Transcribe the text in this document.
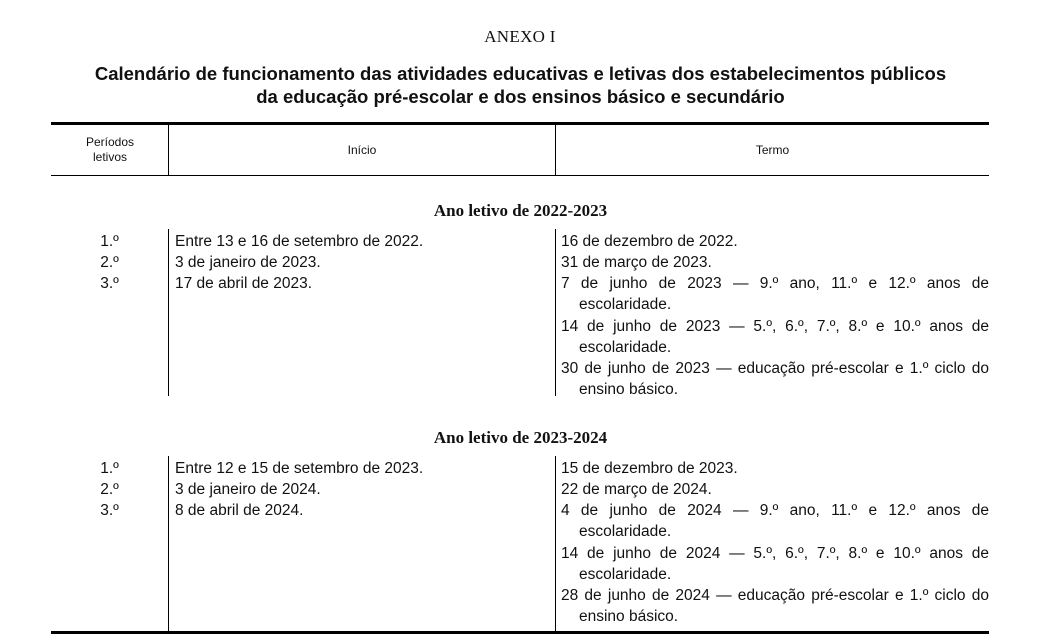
ANEXO I
Calendário de funcionamento das atividades educativas e letivas dos estabelecimentos públicos
da educação pré-escolar e dos ensinos básico e secundário
Períodos letivos
Início	Termo
Ano letivo de 2022-2023
1.º
2.º
3.º
Entre 13 e 16 de setembro de 2022.
3 de janeiro de 2023.
17 de abril de 2023.
16 de dezembro de 2022.
31 de março de 2023.
7 de junho de 2023 — 9.º ano, 11.º e 12.º anos de escolaridade.
14 de junho de 2023 — 5.º, 6.º, 7.º, 8.º e 10.º anos de escolaridade.
30 de junho de 2023 — educação pré-escolar e 1.º ciclo do ensino básico.
Ano letivo de 2023-2024
1.º
2.º
3.º
Entre 12 e 15 de setembro de 2023.
3 de janeiro de 2024.
8 de abril de 2024.
15 de dezembro de 2023.
22 de março de 2024.
4 de junho de 2024 — 9.º ano, 11.º e 12.º anos de escolaridade.
14 de junho de 2024 — 5.º, 6.º, 7.º, 8.º e 10.º anos de escolaridade.
28 de junho de 2024 — educação pré-escolar e 1.º ciclo do ensino básico.
